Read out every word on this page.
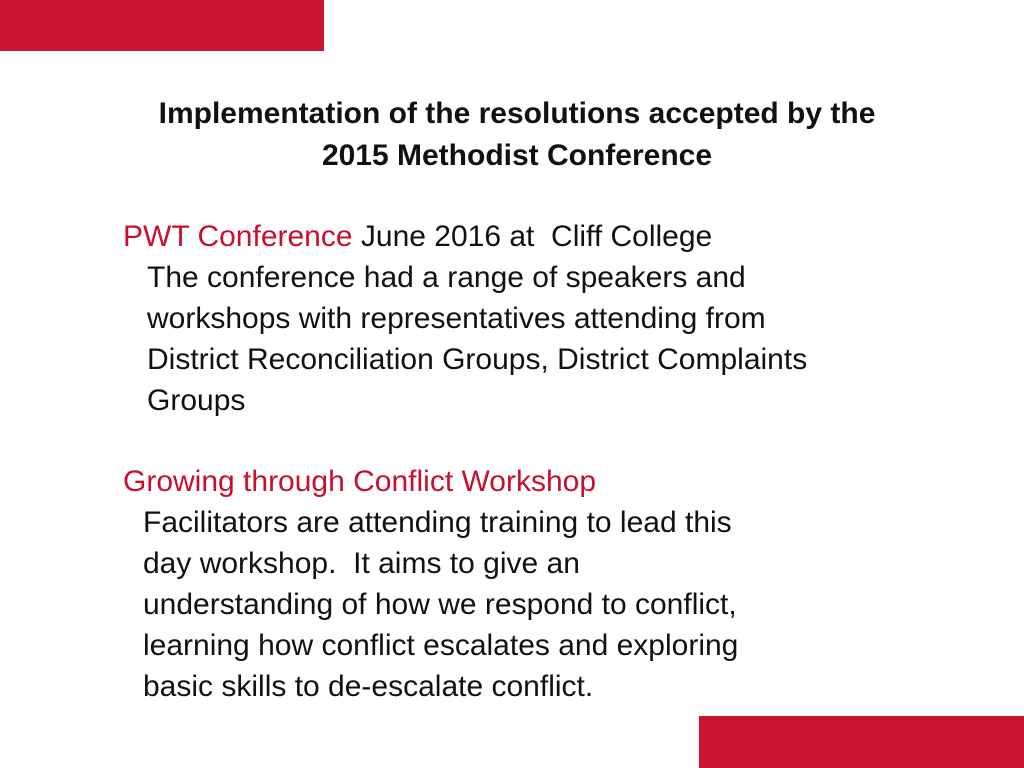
Implementation of the resolutions accepted by the
2015 Methodist Conference
PWT Conference June 2016 at  Cliff College
The conference had a range of speakers and
workshops with representatives attending from
District Reconciliation Groups, District Complaints
Groups
Growing through Conflict Workshop
Facilitators are attending training to lead this
day workshop.  It aims to give an
understanding of how we respond to conflict,
learning how conflict escalates and exploring
basic skills to de-escalate conflict.
